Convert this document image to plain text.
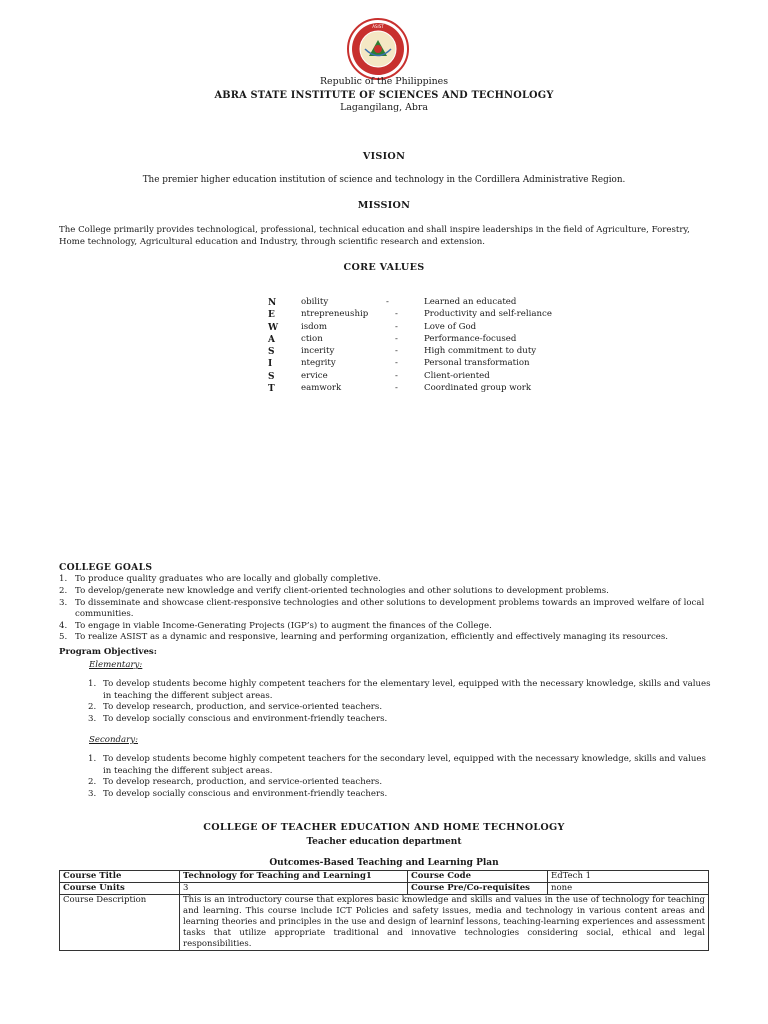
ASIST
Republic of the Philippines
ABRA STATE INSTITUTE OF SCIENCES AND TECHNOLOGY
Lagangilang, Abra
VISION
The premier higher education institution of science and technology in the Cordillera Administrative Region.
MISSION
The College primarily provides technological, professional, technical education and shall inspire leaderships in the field of Agriculture, Forestry, Home technology, Agricultural education and Industry, through scientific research and extension.
CORE VALUES
N	obility	-	Learned an educated
E	ntrepreneuship	-	Productivity and self-reliance
W	isdom	-	Love of God
A	ction	-	Performance-focused
S	incerity	-	High commitment to duty
I	ntegrity	-	Personal transformation
S	ervice	-	Client-oriented
T	eamwork	-	Coordinated group work
COLLEGE GOALS
1. To produce quality graduates who are locally and globally completive.
2. To develop/generate new knowledge and verify client-oriented technologies and other solutions to development problems.
3. To disseminate and showcase client-responsive technologies and other solutions to development problems towards an improved welfare of local communities.
4. To engage in viable Income-Generating Projects (IGP’s) to augment the finances of the College.
5. To realize ASIST as a dynamic and responsive, learning and performing organization, efficiently and effectively managing its resources.
Program Objectives:
Elementary:
1. To develop students become highly competent teachers for the elementary level, equipped with the necessary knowledge, skills and values in teaching the different subject areas.
2. To develop research, production, and service-oriented teachers.
3. To develop socially conscious and environment-friendly teachers.
Secondary:
1. To develop students become highly competent teachers for the secondary level, equipped with the necessary knowledge, skills and values in teaching the different subject areas.
2. To develop research, production, and service-oriented teachers.
3. To develop socially conscious and environment-friendly teachers.
COLLEGE OF TEACHER EDUCATION AND HOME TECHNOLOGY
Teacher education department
Outcomes-Based Teaching and Learning Plan
Course Title	Technology for Teaching and Learning1	Course Code	EdTech 1
Course Units	3	Course Pre/Co-requisites	none
Course Description	This is an introductory course that explores basic knowledge and skills and values in the use of technology for teaching and learning. This course include ICT Policies and safety issues, media and technology in various content areas and learning theories and principles in the use and design of learninf lessons, teaching-learning experiences and assessment tasks that utilize appropriate traditional and innovative technologies considering social, ethical and legal responsibilities.		
